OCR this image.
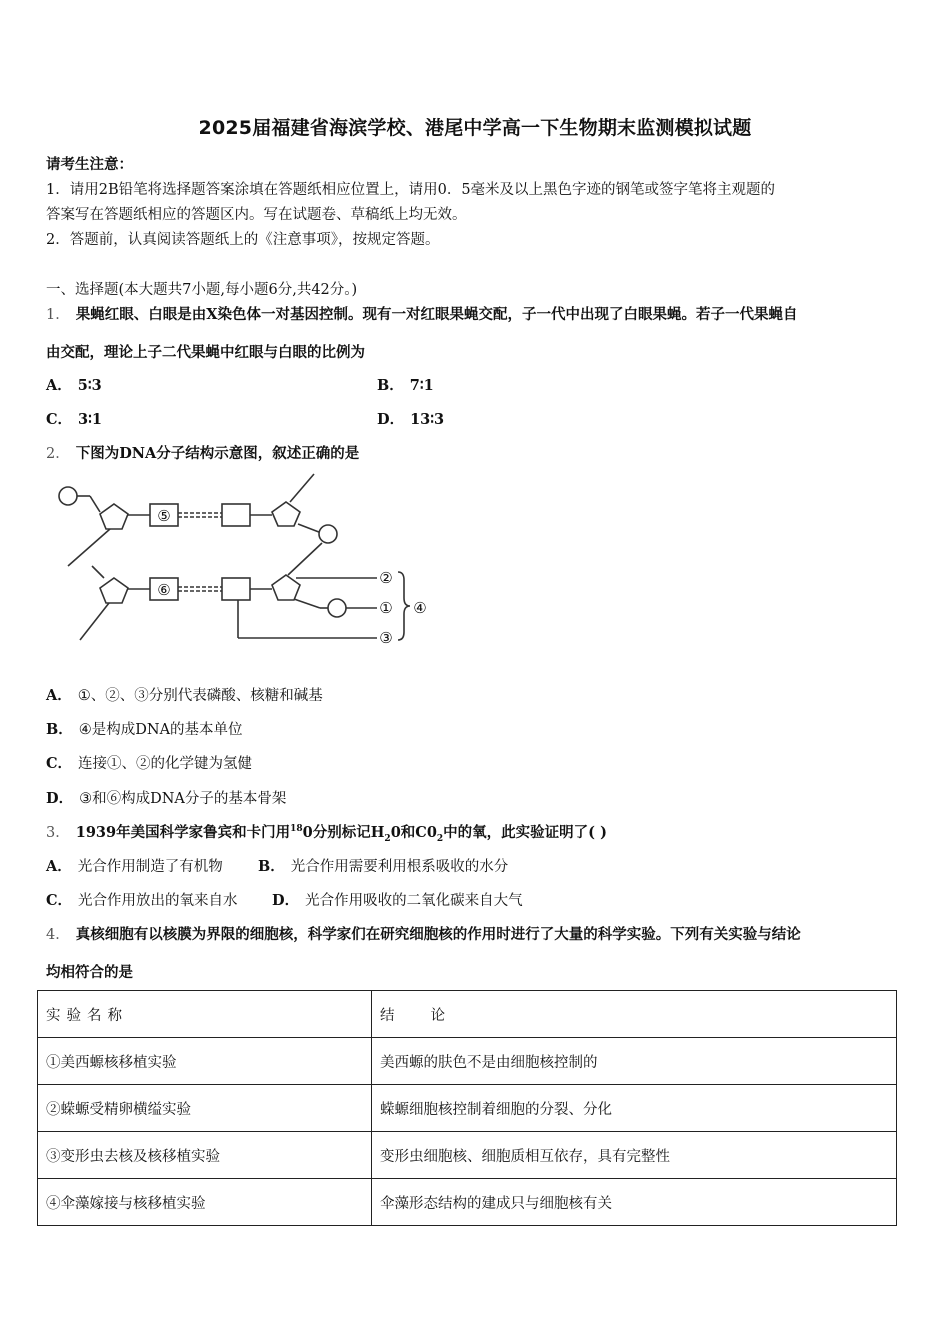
2025届福建省海滨学校、港尾中学高一下生物期末监测模拟试题
请考生注意：
1．请用2B铅笔将选择题答案涂填在答题纸相应位置上，请用0．5毫米及以上黑色字迹的钢笔或签字笔将主观题的
答案写在答题纸相应的答题区内。写在试题卷、草稿纸上均无效。
2．答题前，认真阅读答题纸上的《注意事项》，按规定答题。
一、选择题(本大题共7小题,每小题6分,共42分。)
1． 果蝇红眼、白眼是由X染色体一对基因控制。现有一对红眼果蝇交配，子一代中出现了白眼果蝇。若子一代果蝇自
由交配，理论上子二代果蝇中红眼与白眼的比例为
A． 5∶3	B． 7∶1
C． 3∶1	D． 13∶3
2． 下图为DNA分子结构示意图，叙述正确的是
⑤
⑥
②
①
③
④
A． ①、②、③分别代表磷酸、核糖和碱基
B． ④是构成DNA的基本单位
C． 连接①、②的化学键为氢健
D． ③和⑥构成DNA分子的基本骨架
3． 1939年美国科学家鲁宾和卡门用$^{18}$0分别标记$H_20$和$C0_2$中的氧，此实验证明了( )
A． 光合作用制造了有机物 B． 光合作用需要利用根系吸收的水分
C． 光合作用放出的氧来自水 D． 光合作用吸收的二氧化碳来自大气
4． 真核细胞有以核膜为界限的细胞核，科学家们在研究细胞核的作用时进行了大量的科学实验。下列有关实验与结论
均相符合的是
实验名称	结论
①美西螈核移植实验	美西螈的肤色不是由细胞核控制的
②蝾螈受精卵横缢实验	蝾螈细胞核控制着细胞的分裂、分化
③变形虫去核及核移植实验	变形虫细胞核、细胞质相互依存，具有完整性
④伞藻嫁接与核移植实验	伞藻形态结构的建成只与细胞核有关
